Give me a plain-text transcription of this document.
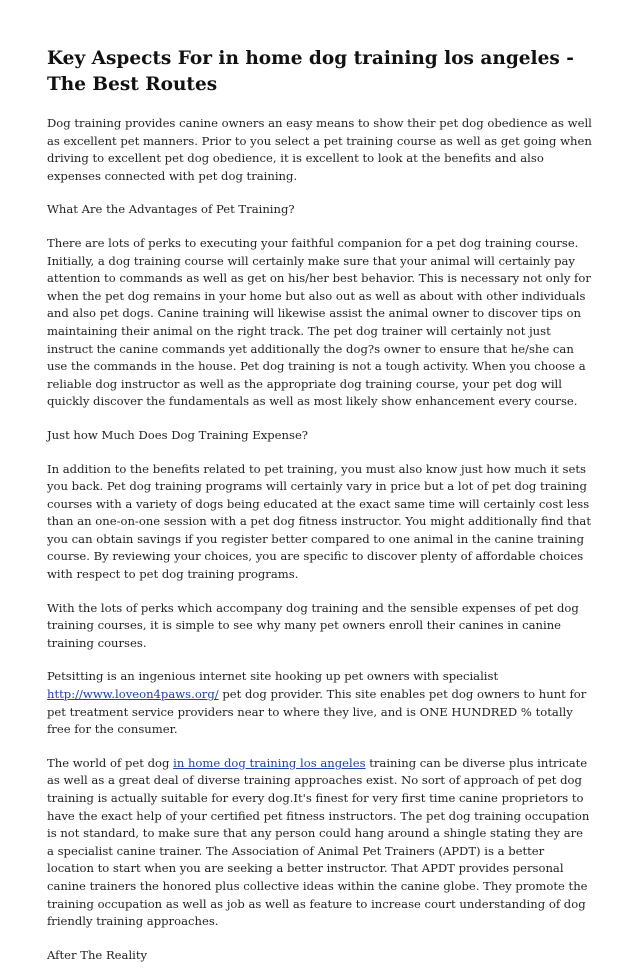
Key Aspects For in home dog training los angeles - The Best Routes

Dog training provides canine owners an easy means to show their pet dog obedience as well as excellent pet manners. Prior to you select a pet training course as well as get going when driving to excellent pet dog obedience, it is excellent to look at the benefits and also expenses connected with pet dog training.

What Are the Advantages of Pet Training?

There are lots of perks to executing your faithful companion for a pet dog training course. Initially, a dog training course will certainly make sure that your animal will certainly pay attention to commands as well as get on his/her best behavior. This is necessary not only for when the pet dog remains in your home but also out as well as about with other individuals and also pet dogs. Canine training will likewise assist the animal owner to discover tips on maintaining their animal on the right track. The pet dog trainer will certainly not just instruct the canine commands yet additionally the dog?s owner to ensure that he/she can use the commands in the house. Pet dog training is not a tough activity. When you choose a reliable dog instructor as well as the appropriate dog training course, your pet dog will quickly discover the fundamentals as well as most likely show enhancement every course.

Just how Much Does Dog Training Expense?

In addition to the benefits related to pet training, you must also know just how much it sets you back. Pet dog training programs will certainly vary in price but a lot of pet dog training courses with a variety of dogs being educated at the exact same time will certainly cost less than an one-on-one session with a pet dog fitness instructor. You might additionally find that you can obtain savings if you register better compared to one animal in the canine training course. By reviewing your choices, you are specific to discover plenty of affordable choices with respect to pet dog training programs.

With the lots of perks which accompany dog training and the sensible expenses of pet dog training courses, it is simple to see why many pet owners enroll their canines in canine training courses.

Petsitting is an ingenious internet site hooking up pet owners with specialist http://www.loveon4paws.org/ pet dog provider. This site enables pet dog owners to hunt for pet treatment service providers near to where they live, and is ONE HUNDRED % totally free for the consumer.

The world of pet dog in home dog training los angeles training can be diverse plus intricate as well as a great deal of diverse training approaches exist. No sort of approach of pet dog training is actually suitable for every dog.It's finest for very first time canine proprietors to have the exact help of your certified pet fitness instructors. The pet dog training occupation is not standard, to make sure that any person could hang around a shingle stating they are a specialist canine trainer. The Association of Animal Pet Trainers (APDT) is a better location to start when you are seeking a better instructor. That APDT provides personal canine trainers the honored plus collective ideas within the canine globe. They promote the training occupation as well as job as well as feature to increase court understanding of dog friendly training approaches.

After The Reality
